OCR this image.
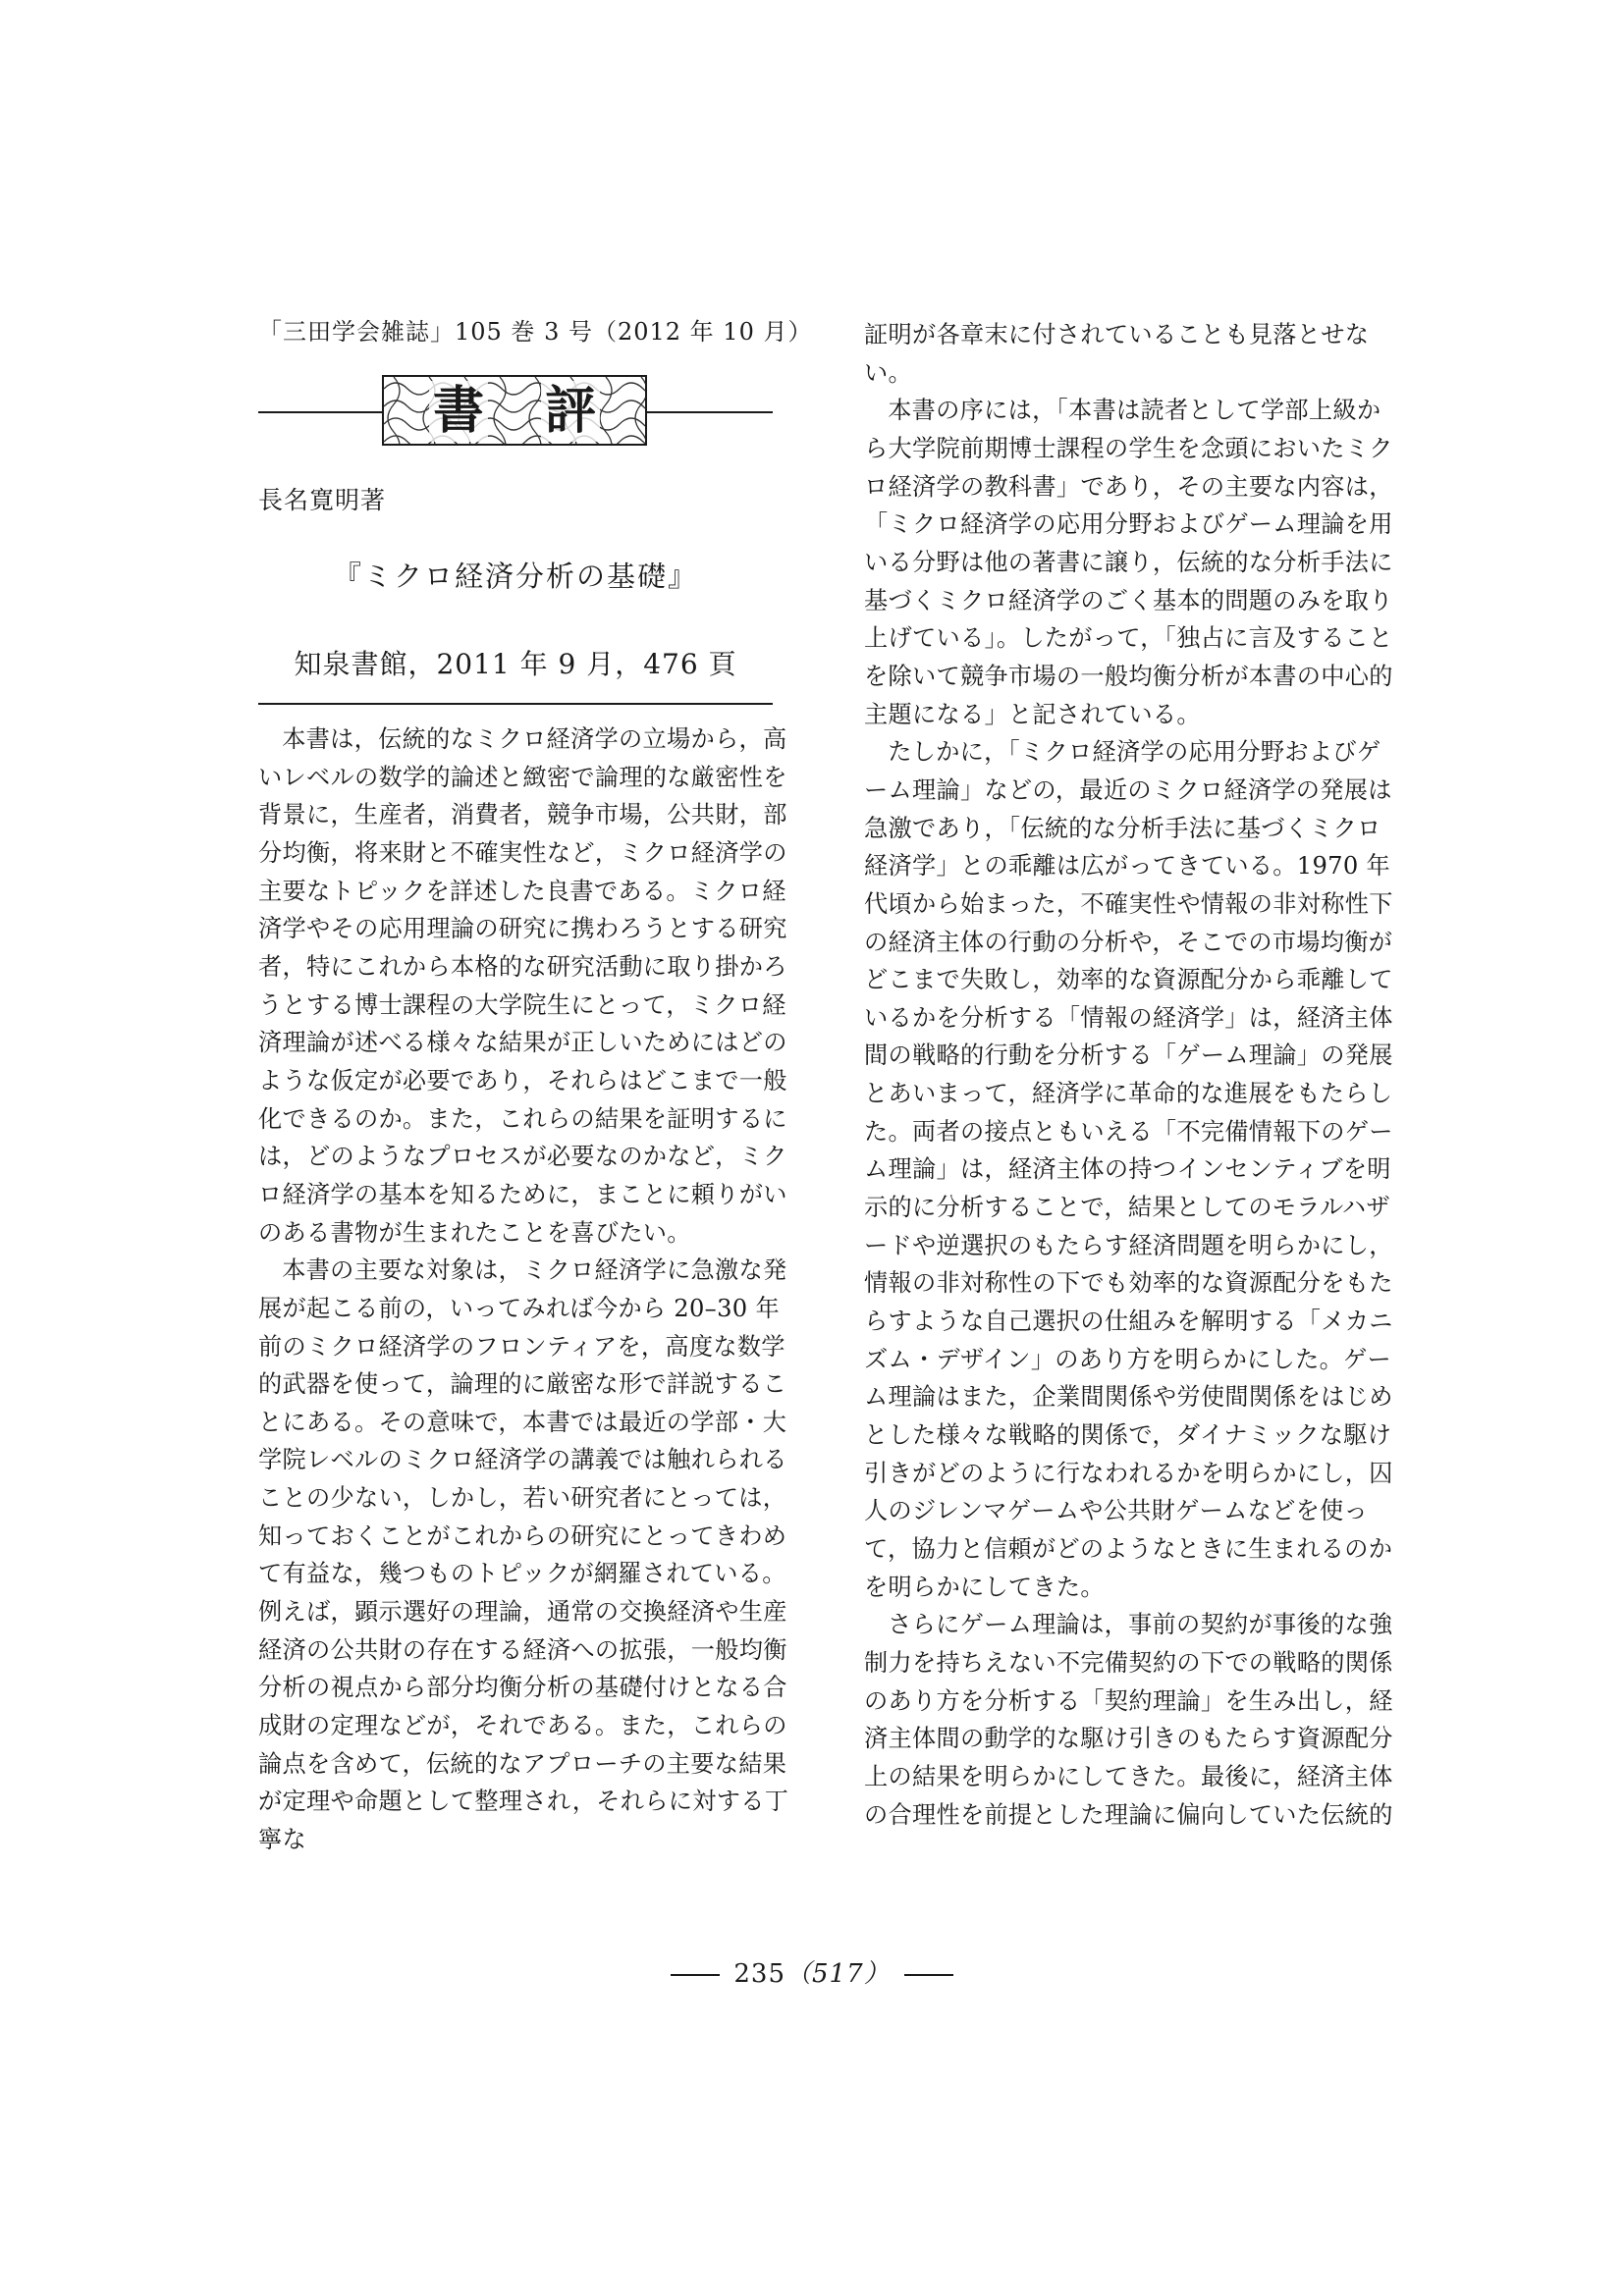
「三田学会雑誌」105 巻 3 号（2012 年 10 月）
書 評
長名寛明著
『ミクロ経済分析の基礎』
知泉書館，2011 年 9 月，476 頁

本書は，伝統的なミクロ経済学の立場から，高いレベルの数学的論述と緻密で論理的な厳密性を背景に，生産者，消費者，競争市場，公共財，部分均衡，将来財と不確実性など，ミクロ経済学の主要なトピックを詳述した良書である。ミクロ経済学やその応用理論の研究に携わろうとする研究者，特にこれから本格的な研究活動に取り掛かろうとする博士課程の大学院生にとって，ミクロ経済理論が述べる様々な結果が正しいためにはどのような仮定が必要であり，それらはどこまで一般化できるのか。また，これらの結果を証明するには，どのようなプロセスが必要なのかなど，ミクロ経済学の基本を知るために，まことに頼りがいのある書物が生まれたことを喜びたい。

本書の主要な対象は，ミクロ経済学に急激な発展が起こる前の，いってみれば今から 20–30 年前のミクロ経済学のフロンティアを，高度な数学的武器を使って，論理的に厳密な形で詳説することにある。その意味で，本書では最近の学部・大学院レベルのミクロ経済学の講義では触れられることの少ない，しかし，若い研究者にとっては，知っておくことがこれからの研究にとってきわめて有益な，幾つものトピックが網羅されている。例えば，顕示選好の理論，通常の交換経済や生産経済の公共財の存在する経済への拡張，一般均衡分析の視点から部分均衡分析の基礎付けとなる合成財の定理などが，それである。また，これらの論点を含めて，伝統的なアプローチの主要な結果が定理や命題として整理され，それらに対する丁寧な

証明が各章末に付されていることも見落とせない。

本書の序には，「本書は読者として学部上級から大学院前期博士課程の学生を念頭においたミクロ経済学の教科書」であり，その主要な内容は，「ミクロ経済学の応用分野およびゲーム理論を用いる分野は他の著書に譲り，伝統的な分析手法に基づくミクロ経済学のごく基本的問題のみを取り上げている」。したがって，「独占に言及することを除いて競争市場の一般均衡分析が本書の中心的主題になる」と記されている。

たしかに，「ミクロ経済学の応用分野およびゲーム理論」などの，最近のミクロ経済学の発展は急激であり，「伝統的な分析手法に基づくミクロ経済学」との乖離は広がってきている。1970 年代頃から始まった，不確実性や情報の非対称性下の経済主体の行動の分析や，そこでの市場均衡がどこまで失敗し，効率的な資源配分から乖離しているかを分析する「情報の経済学」は，経済主体間の戦略的行動を分析する「ゲーム理論」の発展とあいまって，経済学に革命的な進展をもたらした。両者の接点ともいえる「不完備情報下のゲーム理論」は，経済主体の持つインセンティブを明示的に分析することで，結果としてのモラルハザードや逆選択のもたらす経済問題を明らかにし，情報の非対称性の下でも効率的な資源配分をもたらすような自己選択の仕組みを解明する「メカニズム・デザイン」のあり方を明らかにした。ゲーム理論はまた，企業間関係や労使間関係をはじめとした様々な戦略的関係で，ダイナミックな駆け引きがどのように行なわれるかを明らかにし，囚人のジレンマゲームや公共財ゲームなどを使って，協力と信頼がどのようなときに生まれるのかを明らかにしてきた。

さらにゲーム理論は，事前の契約が事後的な強制力を持ちえない不完備契約の下での戦略的関係のあり方を分析する「契約理論」を生み出し，経済主体間の動学的な駆け引きのもたらす資源配分上の結果を明らかにしてきた。最後に，経済主体の合理性を前提とした理論に偏向していた伝統的

235（517）
